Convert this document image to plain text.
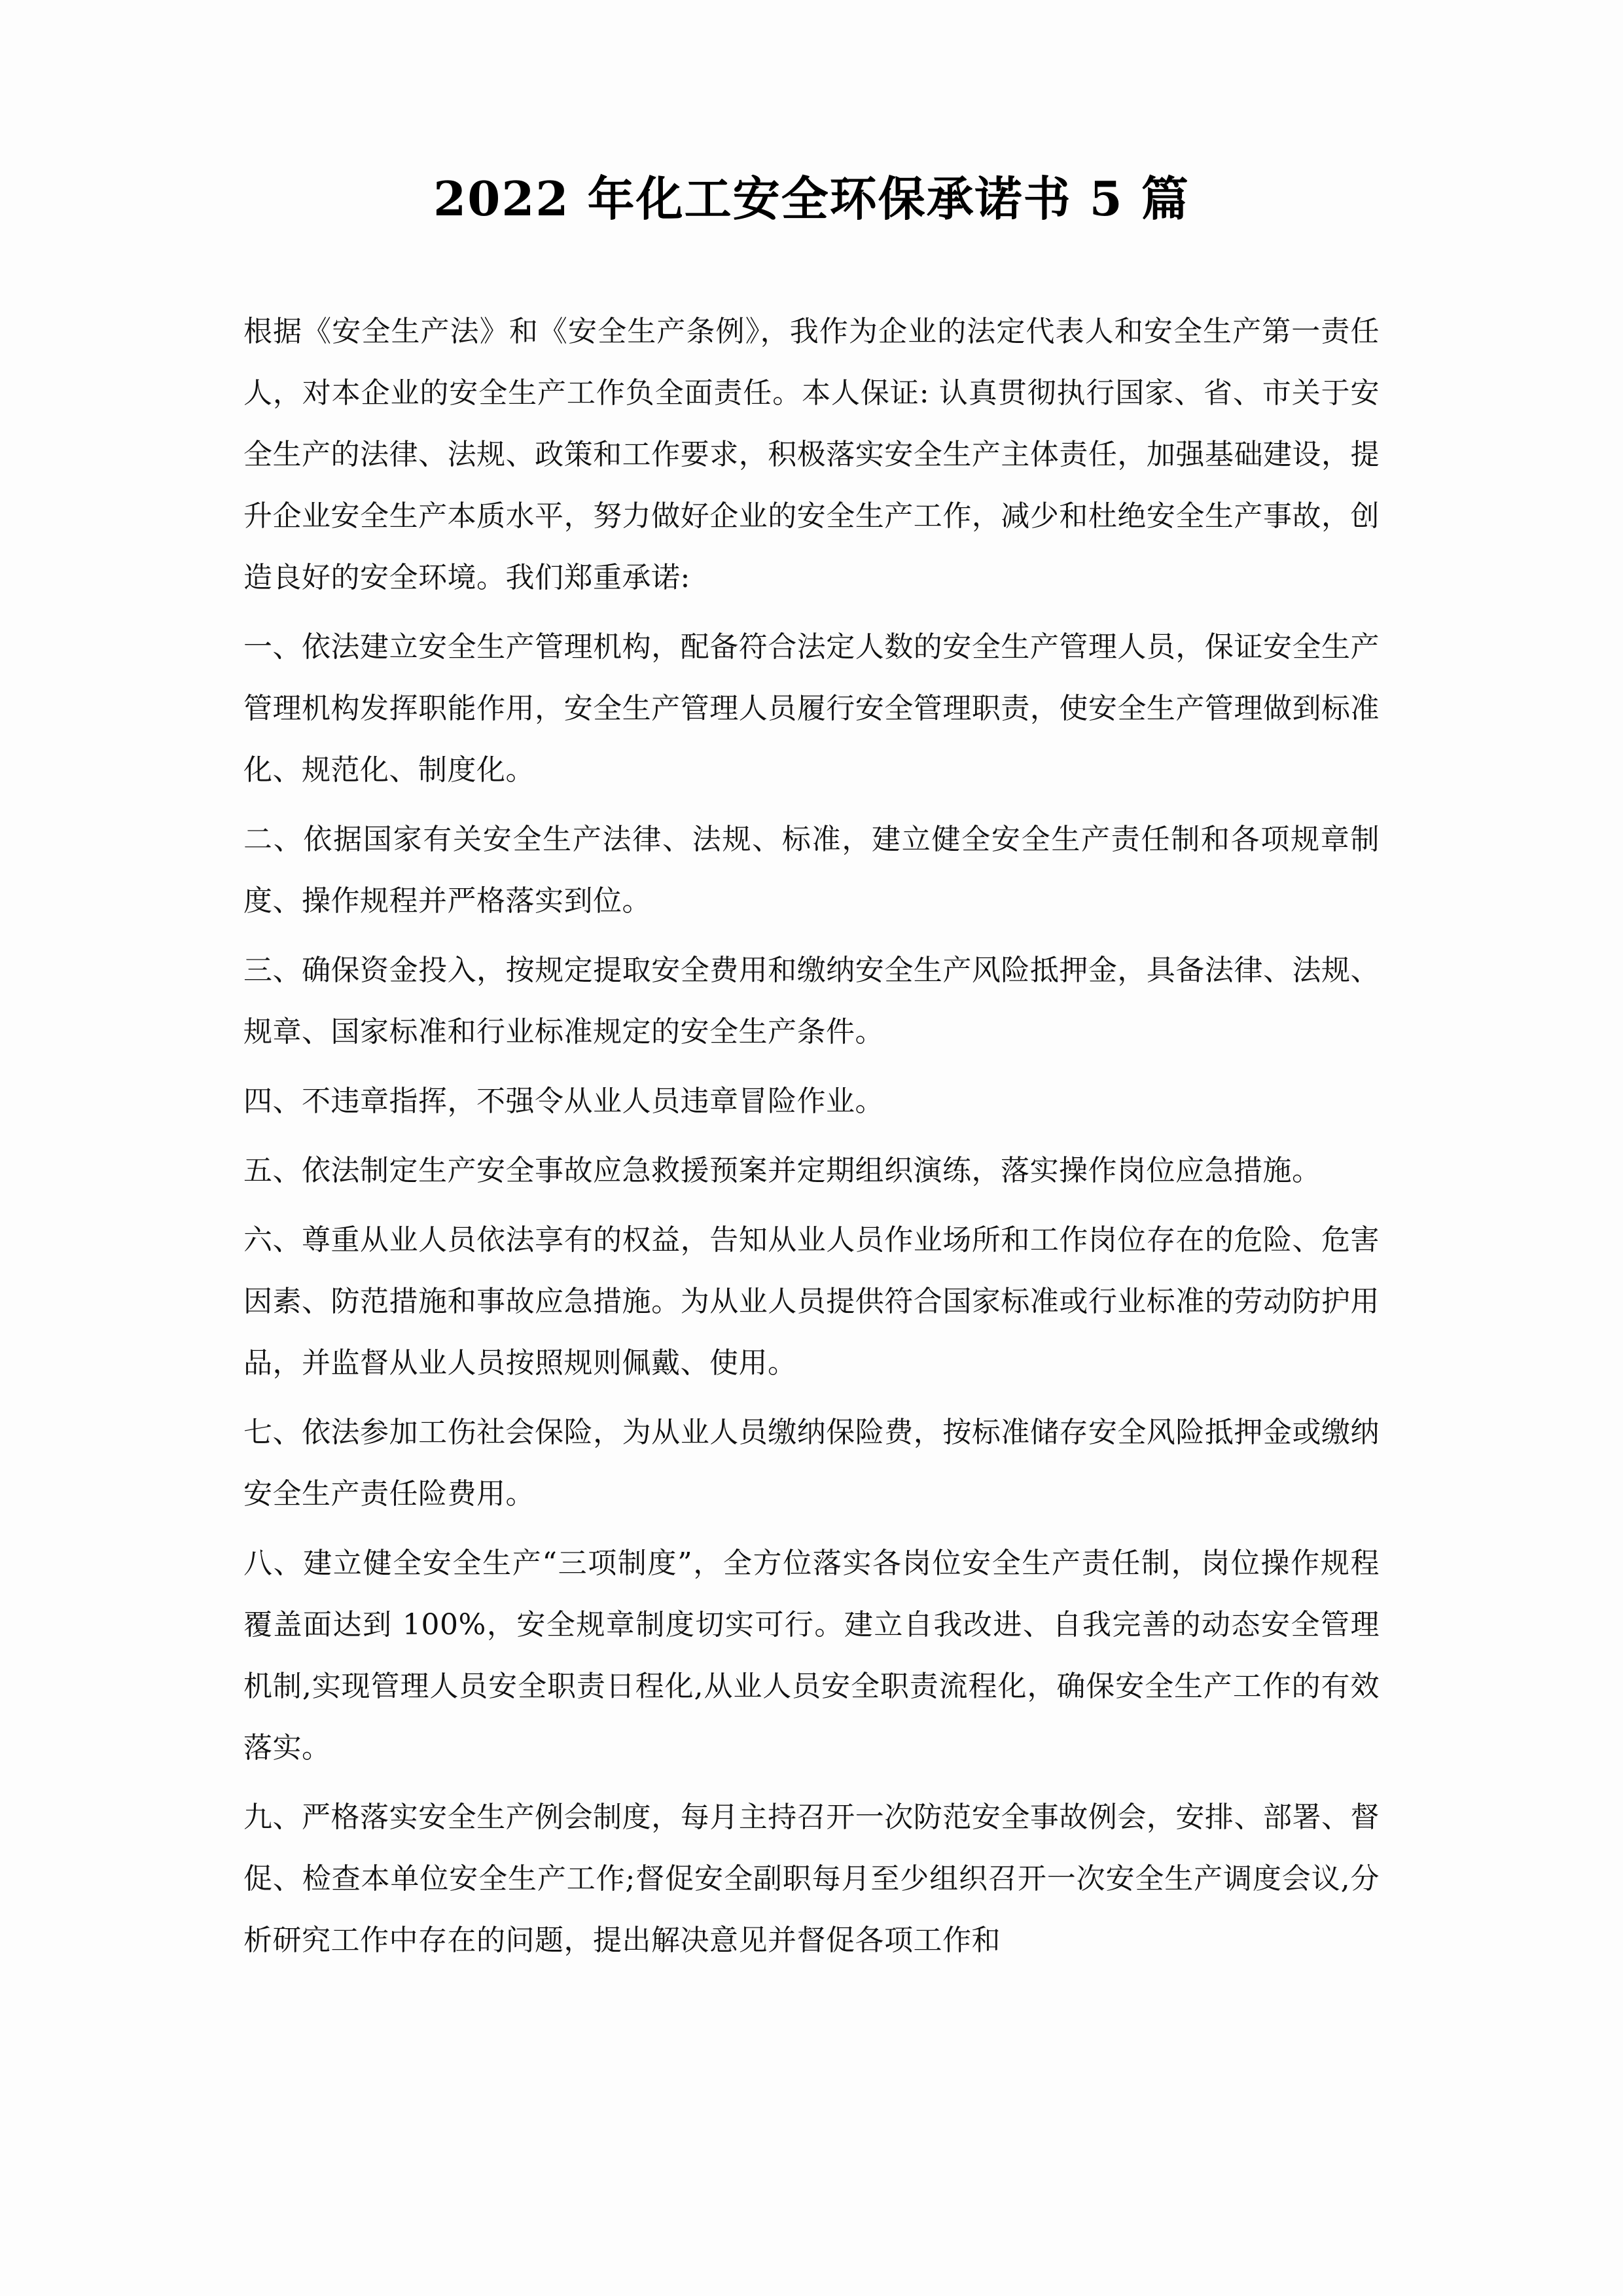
2022 年化工安全环保承诺书 5 篇

根据《安全生产法》和《安全生产条例》，我作为企业的法定代表人和安全生产第一责任人，对本企业的安全生产工作负全面责任。本人保证: 认真贯彻执行国家、省、市关于安全生产的法律、法规、政策和工作要求，积极落实安全生产主体责任，加强基础建设，提升企业安全生产本质水平，努力做好企业的安全生产工作，减少和杜绝安全生产事故，创造良好的安全环境。我们郑重承诺:

一、依法建立安全生产管理机构，配备符合法定人数的安全生产管理人员，保证安全生产管理机构发挥职能作用，安全生产管理人员履行安全管理职责，使安全生产管理做到标准化、规范化、制度化。

二、依据国家有关安全生产法律、法规、标准，建立健全安全生产责任制和各项规章制度、操作规程并严格落实到位。

三、确保资金投入，按规定提取安全费用和缴纳安全生产风险抵押金，具备法律、法规、规章、国家标准和行业标准规定的安全生产条件。

四、不违章指挥，不强令从业人员违章冒险作业。

五、依法制定生产安全事故应急救援预案并定期组织演练，落实操作岗位应急措施。

六、尊重从业人员依法享有的权益，告知从业人员作业场所和工作岗位存在的危险、危害因素、防范措施和事故应急措施。为从业人员提供符合国家标准或行业标准的劳动防护用品，并监督从业人员按照规则佩戴、使用。

七、依法参加工伤社会保险，为从业人员缴纳保险费，按标准储存安全风险抵押金或缴纳安全生产责任险费用。

八、建立健全安全生产“三项制度”，全方位落实各岗位安全生产责任制，岗位操作规程覆盖面达到 100%，安全规章制度切实可行。建立自我改进、自我完善的动态安全管理机制,实现管理人员安全职责日程化,从业人员安全职责流程化，确保安全生产工作的有效落实。

九、严格落实安全生产例会制度，每月主持召开一次防范安全事故例会，安排、部署、督促、检查本单位安全生产工作;督促安全副职每月至少组织召开一次安全生产调度会议,分析研究工作中存在的问题，提出解决意见并督促各项工作和
